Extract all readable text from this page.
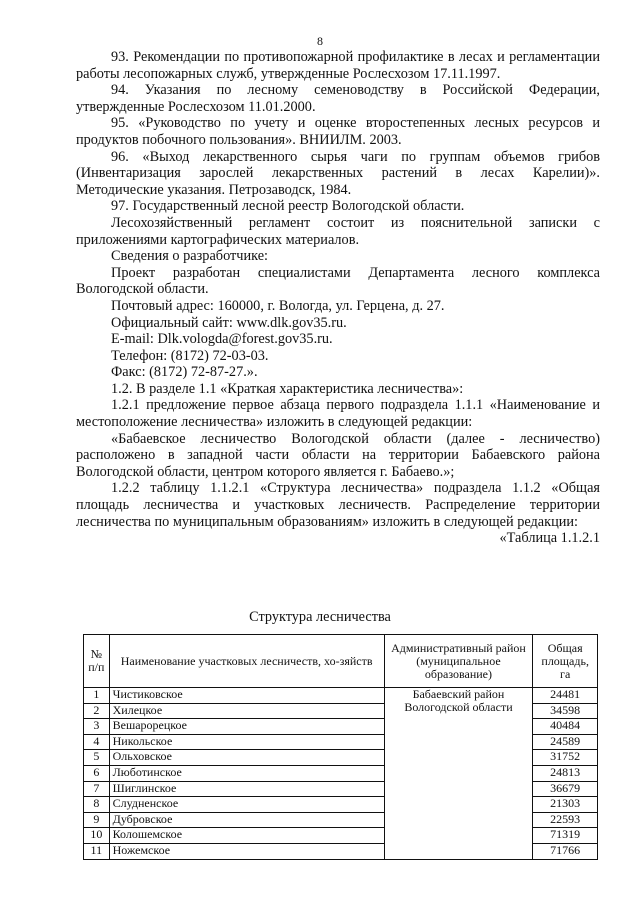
8

93. Рекомендации по противопожарной профилактике в лесах и регламентации работы лесопожарных служб, утвержденные Рослесхозом 17.11.1997.

94. Указания по лесному семеноводству в Российской Федерации, утвержденные Рослесхозом 11.01.2000.

95. «Руководство по учету и оценке второстепенных лесных ресурсов и продуктов побочного пользования». ВНИИЛМ. 2003.

96. «Выход лекарственного сырья чаги по группам объемов грибов (Инвентаризация зарослей лекарственных растений в лесах Карелии)». Методические указания. Петрозаводск, 1984.

97. Государственный лесной реестр Вологодской области.

Лесохозяйственный регламент состоит из пояснительной записки с приложениями картографических материалов.

Сведения о разработчике:

Проект разработан специалистами Департамента лесного комплекса Вологодской области.

Почтовый адрес: 160000, г. Вологда, ул. Герцена, д. 27.

Официальный сайт: www.dlk.gov35.ru.

E-mail: Dlk.vologda@forest.gov35.ru.

Телефон: (8172) 72-03-03.

Факс: (8172) 72-87-27.».

1.2. В разделе 1.1 «Краткая характеристика лесничества»:

1.2.1 предложение первое абзаца первого подраздела 1.1.1 «Наименование и местоположение лесничества» изложить в следующей редакции:

«Бабаевское лесничество Вологодской области (далее - лесничество) расположено в западной части области на территории Бабаевского района Вологодской области, центром которого является г. Бабаево.»;

1.2.2 таблицу 1.1.2.1 «Структура лесничества» подраздела 1.1.2 «Общая площадь лесничества и участковых лесничеств. Распределение территории лесничества по муниципальным образованиям» изложить в следующей редакции:

«Таблица 1.1.2.1

Структура лесничества
№ п/п	Наименование участковых лесничеств, хо-зяйств	Административный район (муниципальное образование)	Общая площадь, га
1	Чистиковское	Бабаевский район Вологодской области	24481
2	Хилецкое		34598
3	Вешарорецкое		40484
4	Никольское		24589
5	Ольховское		31752
6	Люботинское		24813
7	Шиглинское		36679
8	Слудненское		21303
9	Дубровское		22593
10	Колошемское		71319
11	Ножемское		71766
